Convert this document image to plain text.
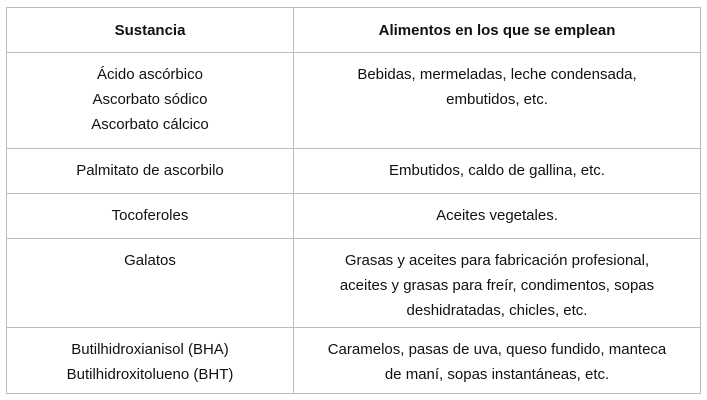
Sustancia	Alimentos en los que se emplean

Ácido ascórbico
Ascorbato sódico
Ascorbato cálcico	Bebidas, mermeladas, leche condensada,
embutidos, etc.

Palmitato de ascorbilo	Embutidos, caldo de gallina, etc.

Tocoferoles	Aceites vegetales.

Galatos	Grasas y aceites para fabricación profesional,
aceites y grasas para freír, condimentos, sopas
deshidratadas, chicles, etc.

Butilhidroxianisol (BHA)
Butilhidroxitolueno (BHT)	Caramelos, pasas de uva, queso fundido, manteca
de maní, sopas instantáneas, etc.
